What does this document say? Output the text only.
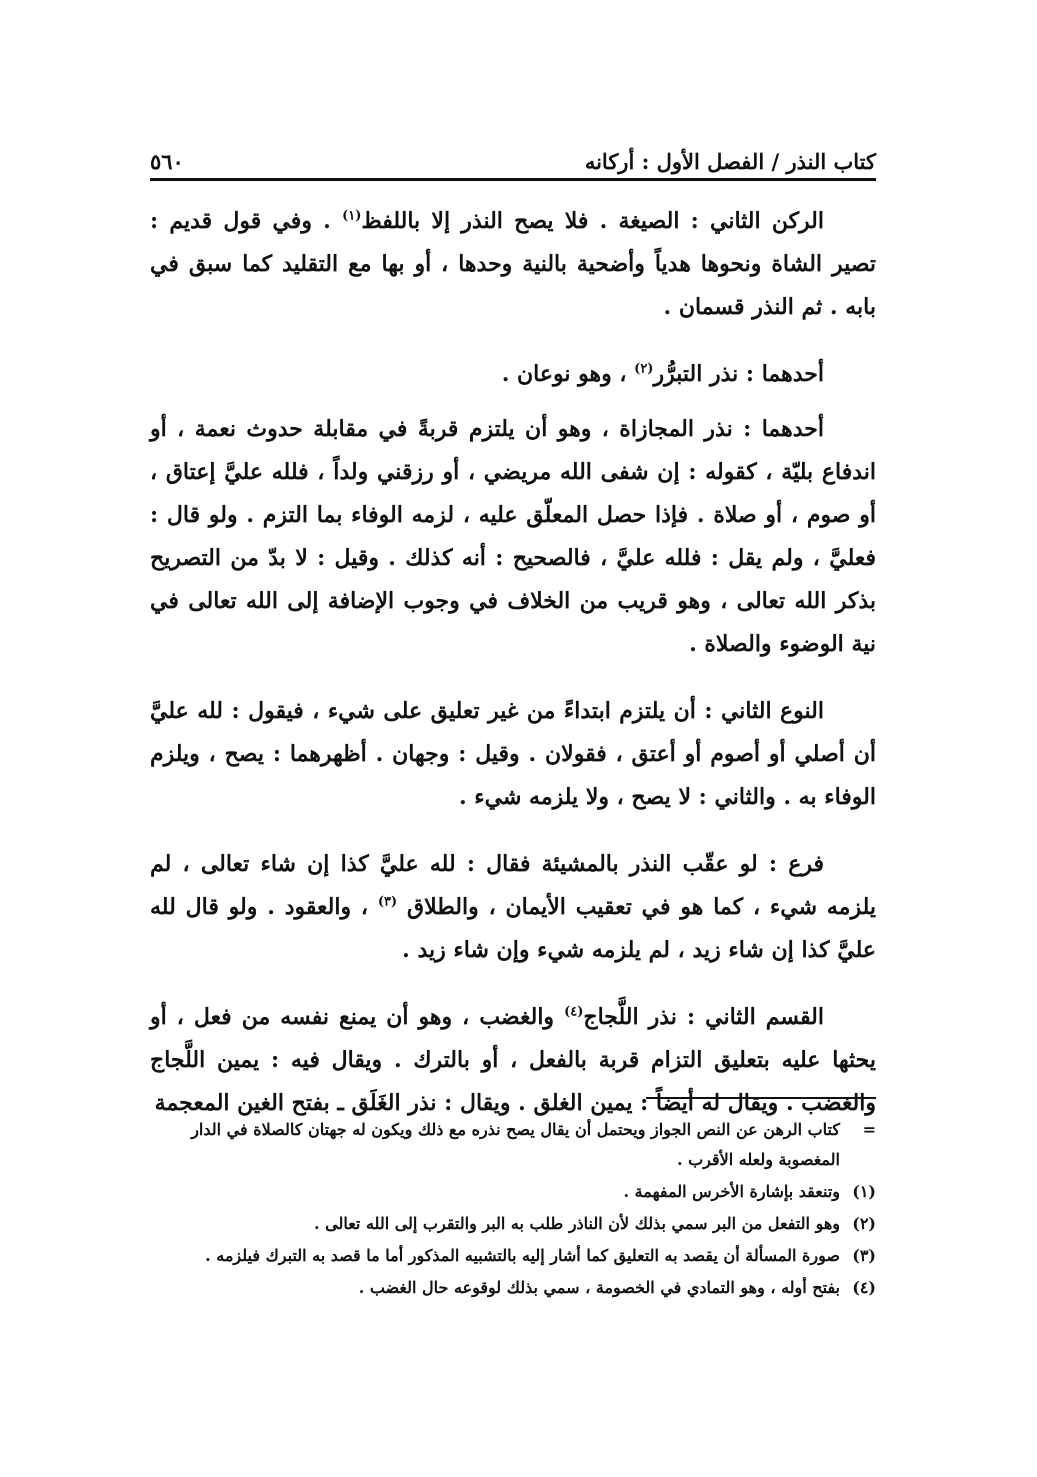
كتاب النذر / الفصل الأول : أركانه
٥٦٠

الركن الثاني : الصيغة . فلا يصح النذر إلا باللفظ$^{(١)}$ . وفي قول قديم : تصير الشاة ونحوها هدياً وأضحية بالنية وحدها ، أو بها مع التقليد كما سبق في بابه . ثم النذر قسمان .

أحدهما : نذر التبرُّر$^{(٢)}$ ، وهو نوعان .

أحدهما : نذر المجازاة ، وهو أن يلتزم قربةً في مقابلة حدوث نعمة ، أو اندفاع بليّة ، كقوله : إن شفى الله مريضي ، أو رزقني ولداً ، فلله عليَّ إعتاق ، أو صوم ، أو صلاة . فإذا حصل المعلّق عليه ، لزمه الوفاء بما التزم . ولو قال : فعليَّ ، ولم يقل : فلله عليَّ ، فالصحيح : أنه كذلك . وقيل : لا بدّ من التصريح بذكر الله تعالى ، وهو قريب من الخلاف في وجوب الإضافة إلى الله تعالى في نية الوضوء والصلاة .

النوع الثاني : أن يلتزم ابتداءً من غير تعليق على شيء ، فيقول : لله عليَّ أن أصلي أو أصوم أو أعتق ، فقولان . وقيل : وجهان . أظهرهما : يصح ، ويلزم الوفاء به . والثاني : لا يصح ، ولا يلزمه شيء .

فرع : لو عقّب النذر بالمشيئة فقال : لله عليَّ كذا إن شاء تعالى ، لم يلزمه شيء ، كما هو في تعقيب الأيمان ، والطلاق $^{(٣)}$ ، والعقود . ولو قال لله عليَّ كذا إن شاء زيد ، لم يلزمه شيء وإن شاء زيد .

القسم الثاني : نذر اللَّجاج$^{(٤)}$ والغضب ، وهو أن يمنع نفسه من فعل ، أو يحثها عليه بتعليق التزام قربة بالفعل ، أو بالترك . ويقال فيه : يمين اللَّجاج والغضب . ويقال له أيضاً : يمين الغلق . ويقال : نذر الغَلَق ـ بفتح الغين المعجمة

=
كتاب الرهن عن النص الجواز ويحتمل أن يقال يصح نذره مع ذلك ويكون له جهتان كالصلاة في الدار المغصوبة ولعله الأقرب .
(١)
وتنعقد بإشارة الأخرس المفهمة .
(٢)
وهو التفعل من البر سمي بذلك لأن الناذر طلب به البر والتقرب إلى الله تعالى .
(٣)
صورة المسألة أن يقصد به التعليق كما أشار إليه بالتشبيه المذكور أما ما قصد به التبرك فيلزمه .
(٤)
بفتح أوله ، وهو التمادي في الخصومة ، سمي بذلك لوقوعه حال الغضب .
